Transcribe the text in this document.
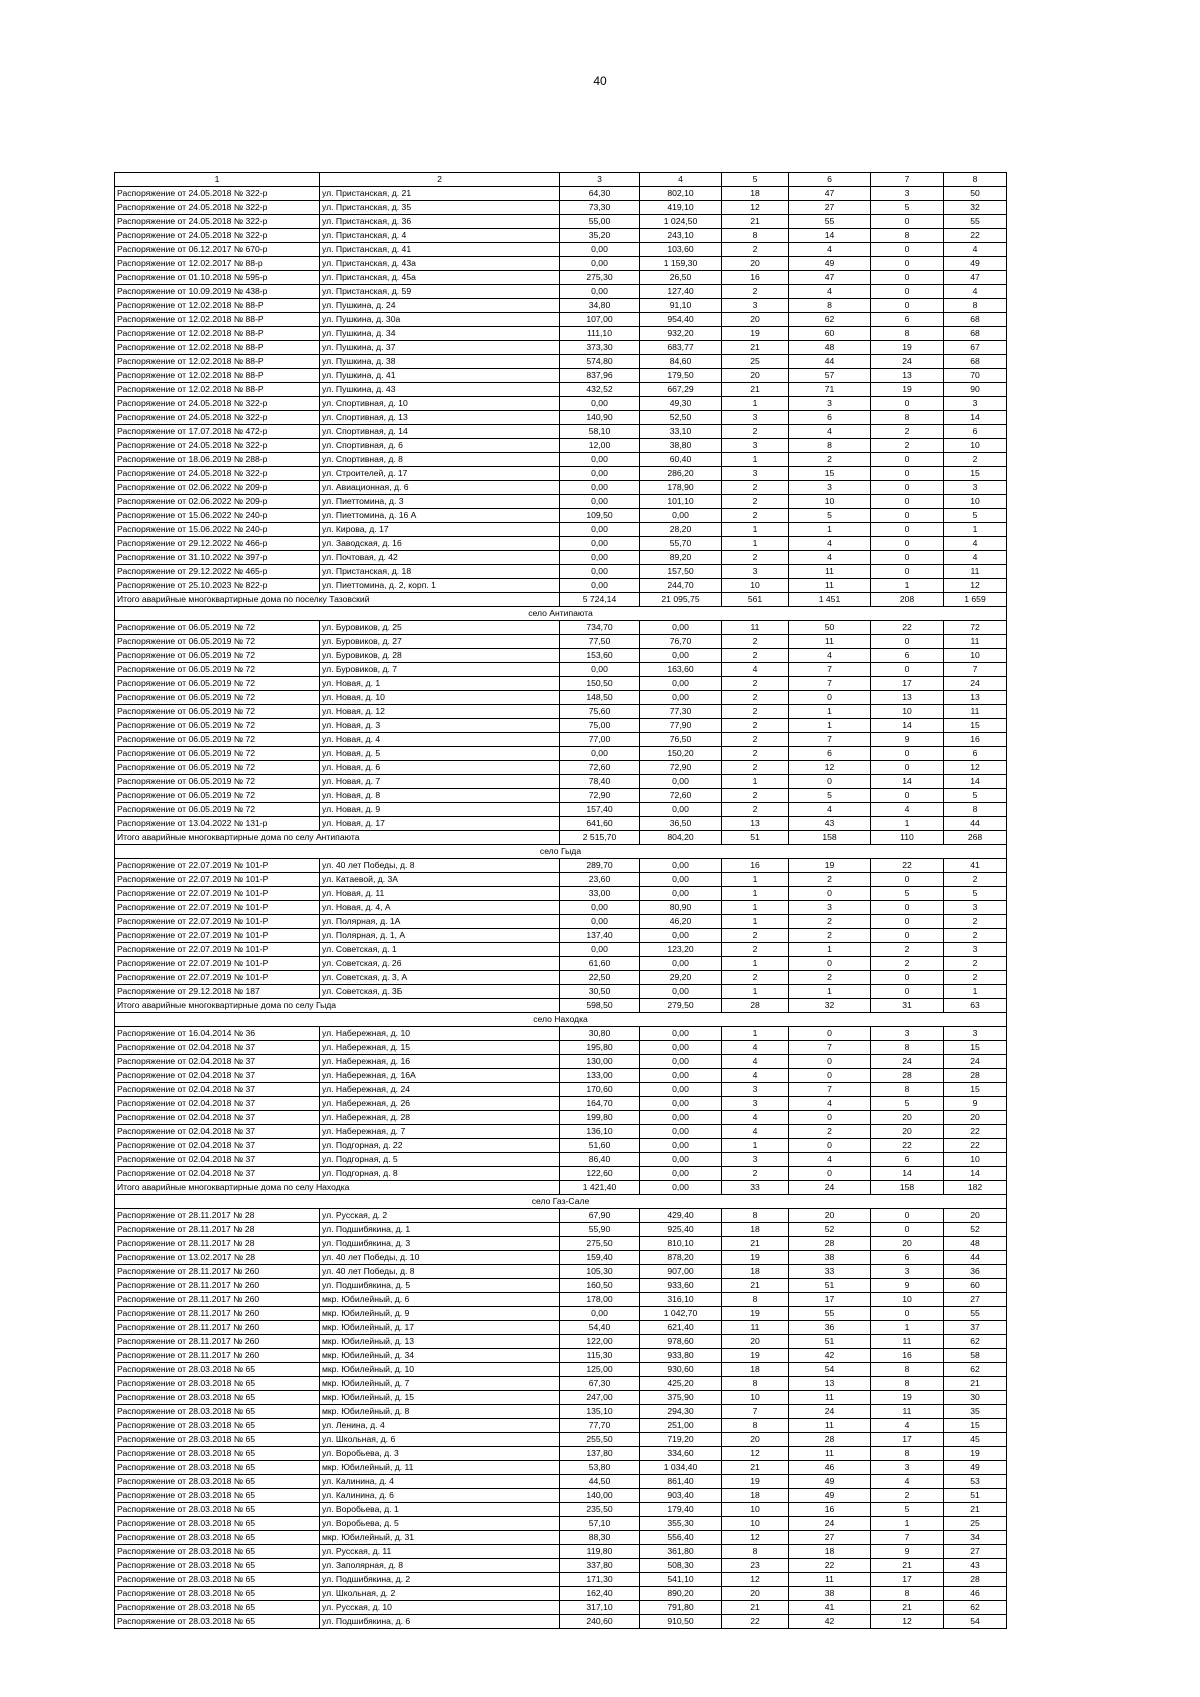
40
1	2	3	4	5	6	7	8
Распоряжение от 24.05.2018 № 322-р	ул. Пристанская, д. 21	64,30	802,10	18	47	3	50
Распоряжение от 24.05.2018 № 322-р	ул. Пристанская, д. 35	73,30	419,10	12	27	5	32
Распоряжение от 24.05.2018 № 322-р	ул. Пристанская, д. 36	55,00	1 024,50	21	55	0	55
Распоряжение от 24.05.2018 № 322-р	ул. Пристанская, д. 4	35,20	243,10	8	14	8	22
Распоряжение от 06.12.2017 № 670-р	ул. Пристанская, д. 41	0,00	103,60	2	4	0	4
Распоряжение от 12.02.2017 № 88-р	ул. Пристанская, д. 43а	0,00	1 159,30	20	49	0	49
Распоряжение от 01.10.2018 № 595-р	ул. Пристанская, д. 45а	275,30	26,50	16	47	0	47
Распоряжение от 10.09.2019 № 438-р	ул. Пристанская, д. 59	0,00	127,40	2	4	0	4
Распоряжение от 12.02.2018 № 88-Р	ул. Пушкина, д. 24	34,80	91,10	3	8	0	8
Распоряжение от 12.02.2018 № 88-Р	ул. Пушкина, д. 30а	107,00	954,40	20	62	6	68
Распоряжение от 12.02.2018 № 88-Р	ул. Пушкина, д. 34	111,10	932,20	19	60	8	68
Распоряжение от 12.02.2018 № 88-Р	ул. Пушкина, д. 37	373,30	683,77	21	48	19	67
Распоряжение от 12.02.2018 № 88-Р	ул. Пушкина, д. 38	574,80	84,60	25	44	24	68
Распоряжение от 12.02.2018 № 88-Р	ул. Пушкина, д. 41	837,96	179,50	20	57	13	70
Распоряжение от 12.02.2018 № 88-Р	ул. Пушкина, д. 43	432,52	667,29	21	71	19	90
Распоряжение от 24.05.2018 № 322-р	ул. Спортивная, д. 10	0,00	49,30	1	3	0	3
Распоряжение от 24.05.2018 № 322-р	ул. Спортивная, д. 13	140,90	52,50	3	6	8	14
Распоряжение от 17.07.2018 № 472-р	ул. Спортивная, д. 14	58,10	33,10	2	4	2	6
Распоряжение от 24.05.2018 № 322-р	ул. Спортивная, д. 6	12,00	38,80	3	8	2	10
Распоряжение от 18.06.2019 № 288-р	ул. Спортивная, д. 8	0,00	60,40	1	2	0	2
Распоряжение от 24.05.2018 № 322-р	ул. Строителей, д. 17	0,00	286,20	3	15	0	15
Распоряжение от 02.06.2022 № 209-р	ул. Авиационная, д. 6	0,00	178,90	2	3	0	3
Распоряжение от 02.06.2022 № 209-р	ул. Пиеттомина, д. 3	0,00	101,10	2	10	0	10
Распоряжение от 15.06.2022 № 240-р	ул. Пиеттомина, д. 16 А	109,50	0,00	2	5	0	5
Распоряжение от 15.06.2022 № 240-р	ул. Кирова, д. 17	0,00	28,20	1	1	0	1
Распоряжение от 29.12.2022 № 466-р	ул. Заводская, д. 16	0,00	55,70	1	4	0	4
Распоряжение от 31.10.2022 № 397-р	ул. Почтовая, д. 42	0,00	89,20	2	4	0	4
Распоряжение от 29.12.2022 № 465-р	ул. Пристанская, д. 18	0,00	157,50	3	11	0	11
Распоряжение от 25.10.2023 № 822-р	ул. Пиеттомина, д. 2, корп. 1	0,00	244,70	10	11	1	12
Итого аварийные многоквартирные дома по поселку Тазовский		5 724,14	21 095,75	561	1 451	208	1 659
село Антипаюта							
Распоряжение от 06.05.2019 № 72	ул. Буровиков, д. 25	734,70	0,00	11	50	22	72
Распоряжение от 06.05.2019 № 72	ул. Буровиков, д. 27	77,50	76,70	2	11	0	11
Распоряжение от 06.05.2019 № 72	ул. Буровиков, д. 28	153,60	0,00	2	4	6	10
Распоряжение от 06.05.2019 № 72	ул. Буровиков, д. 7	0,00	163,60	4	7	0	7
Распоряжение от 06.05.2019 № 72	ул. Новая, д. 1	150,50	0,00	2	7	17	24
Распоряжение от 06.05.2019 № 72	ул. Новая, д. 10	148,50	0,00	2	0	13	13
Распоряжение от 06.05.2019 № 72	ул. Новая, д. 12	75,60	77,30	2	1	10	11
Распоряжение от 06.05.2019 № 72	ул. Новая, д. 3	75,00	77,90	2	1	14	15
Распоряжение от 06.05.2019 № 72	ул. Новая, д. 4	77,00	76,50	2	7	9	16
Распоряжение от 06.05.2019 № 72	ул. Новая, д. 5	0,00	150,20	2	6	0	6
Распоряжение от 06.05.2019 № 72	ул. Новая, д. 6	72,60	72,90	2	12	0	12
Распоряжение от 06.05.2019 № 72	ул. Новая, д. 7	78,40	0,00	1	0	14	14
Распоряжение от 06.05.2019 № 72	ул. Новая, д. 8	72,90	72,60	2	5	0	5
Распоряжение от 06.05.2019 № 72	ул. Новая, д. 9	157,40	0,00	2	4	4	8
Распоряжение от 13.04.2022 № 131-р	ул. Новая, д. 17	641,60	36,50	13	43	1	44
Итого аварийные многоквартирные дома по селу Антипаюта		2 515,70	804,20	51	158	110	268
село Гыда							
Распоряжение от 22.07.2019 № 101-Р	ул. 40 лет Победы, д. 8	289,70	0,00	16	19	22	41
Распоряжение от 22.07.2019 № 101-Р	ул. Катаевой, д. 3А	23,60	0,00	1	2	0	2
Распоряжение от 22.07.2019 № 101-Р	ул. Новая, д. 11	33,00	0,00	1	0	5	5
Распоряжение от 22.07.2019 № 101-Р	ул. Новая, д. 4, А	0,00	80,90	1	3	0	3
Распоряжение от 22.07.2019 № 101-Р	ул. Полярная, д. 1А	0,00	46,20	1	2	0	2
Распоряжение от 22.07.2019 № 101-Р	ул. Полярная, д. 1, А	137,40	0,00	2	2	0	2
Распоряжение от 22.07.2019 № 101-Р	ул. Советская, д. 1	0,00	123,20	2	1	2	3
Распоряжение от 22.07.2019 № 101-Р	ул. Советская, д. 26	61,60	0,00	1	0	2	2
Распоряжение от 22.07.2019 № 101-Р	ул. Советская, д. 3, А	22,50	29,20	2	2	0	2
Распоряжение от 29.12.2018 № 187	ул. Советская, д. 3Б	30,50	0,00	1	1	0	1
Итого аварийные многоквартирные дома по селу Гыда		598,50	279,50	28	32	31	63
село Находка							
Распоряжение от 16.04.2014 № 36	ул. Набережная, д. 10	30,80	0,00	1	0	3	3
Распоряжение от 02.04.2018 № 37	ул. Набережная, д. 15	195,80	0,00	4	7	8	15
Распоряжение от 02.04.2018 № 37	ул. Набережная, д. 16	130,00	0,00	4	0	24	24
Распоряжение от 02.04.2018 № 37	ул. Набережная, д. 16А	133,00	0,00	4	0	28	28
Распоряжение от 02.04.2018 № 37	ул. Набережная, д. 24	170,60	0,00	3	7	8	15
Распоряжение от 02.04.2018 № 37	ул. Набережная, д. 26	164,70	0,00	3	4	5	9
Распоряжение от 02.04.2018 № 37	ул. Набережная, д. 28	199,80	0,00	4	0	20	20
Распоряжение от 02.04.2018 № 37	ул. Набережная, д. 7	136,10	0,00	4	2	20	22
Распоряжение от 02.04.2018 № 37	ул. Подгорная, д. 22	51,60	0,00	1	0	22	22
Распоряжение от 02.04.2018 № 37	ул. Подгорная, д. 5	86,40	0,00	3	4	6	10
Распоряжение от 02.04.2018 № 37	ул. Подгорная, д. 8	122,60	0,00	2	0	14	14
Итого аварийные многоквартирные дома по селу Находка		1 421,40	0,00	33	24	158	182
село Газ-Сале							
Распоряжение от 28.11.2017 № 28	ул. Русская, д. 2	67,90	429,40	8	20	0	20
Распоряжение от 28.11.2017 № 28	ул. Подшибякина, д. 1	55,90	925,40	18	52	0	52
Распоряжение от 28.11.2017 № 28	ул. Подшибякина, д. 3	275,50	810,10	21	28	20	48
Распоряжение от 13.02.2017 № 28	ул. 40 лет Победы, д. 10	159,40	878,20	19	38	6	44
Распоряжение от 28.11.2017 № 260	ул. 40 лет Победы, д. 8	105,30	907,00	18	33	3	36
Распоряжение от 28.11.2017 № 260	ул. Подшибякина, д. 5	160,50	933,60	21	51	9	60
Распоряжение от 28.11.2017 № 260	мкр. Юбилейный, д. 6	178,00	316,10	8	17	10	27
Распоряжение от 28.11.2017 № 260	мкр. Юбилейный, д. 9	0,00	1 042,70	19	55	0	55
Распоряжение от 28.11.2017 № 260	мкр. Юбилейный, д. 17	54,40	621,40	11	36	1	37
Распоряжение от 28.11.2017 № 260	мкр. Юбилейный, д. 13	122,00	978,60	20	51	11	62
Распоряжение от 28.11.2017 № 260	мкр. Юбилейный, д. 34	115,30	933,80	19	42	16	58
Распоряжение от 28.03.2018 № 65	мкр. Юбилейный, д. 10	125,00	930,60	18	54	8	62
Распоряжение от 28.03.2018 № 65	мкр. Юбилейный, д. 7	67,30	425,20	8	13	8	21
Распоряжение от 28.03.2018 № 65	мкр. Юбилейный, д. 15	247,00	375,90	10	11	19	30
Распоряжение от 28.03.2018 № 65	мкр. Юбилейный, д. 8	135,10	294,30	7	24	11	35
Распоряжение от 28.03.2018 № 65	ул. Ленина, д. 4	77,70	251,00	8	11	4	15
Распоряжение от 28.03.2018 № 65	ул. Школьная, д. 6	255,50	719,20	20	28	17	45
Распоряжение от 28.03.2018 № 65	ул. Воробьева, д. 3	137,80	334,60	12	11	8	19
Распоряжение от 28.03.2018 № 65	мкр. Юбилейный, д. 11	53,80	1 034,40	21	46	3	49
Распоряжение от 28.03.2018 № 65	ул. Калинина, д. 4	44,50	861,40	19	49	4	53
Распоряжение от 28.03.2018 № 65	ул. Калинина, д. 6	140,00	903,40	18	49	2	51
Распоряжение от 28.03.2018 № 65	ул. Воробьева, д. 1	235,50	179,40	10	16	5	21
Распоряжение от 28.03.2018 № 65	ул. Воробьева, д. 5	57,10	355,30	10	24	1	25
Распоряжение от 28.03.2018 № 65	мкр. Юбилейный, д. 31	88,30	556,40	12	27	7	34
Распоряжение от 28.03.2018 № 65	ул. Русская, д. 11	119,80	361,80	8	18	9	27
Распоряжение от 28.03.2018 № 65	ул. Заполярная, д. 8	337,80	508,30	23	22	21	43
Распоряжение от 28.03.2018 № 65	ул. Подшибякина, д. 2	171,30	541,10	12	11	17	28
Распоряжение от 28.03.2018 № 65	ул. Школьная, д. 2	162,40	890,20	20	38	8	46
Распоряжение от 28.03.2018 № 65	ул. Русская, д. 10	317,10	791,80	21	41	21	62
Распоряжение от 28.03.2018 № 65	ул. Подшибякина, д. 6	240,60	910,50	22	42	12	54
